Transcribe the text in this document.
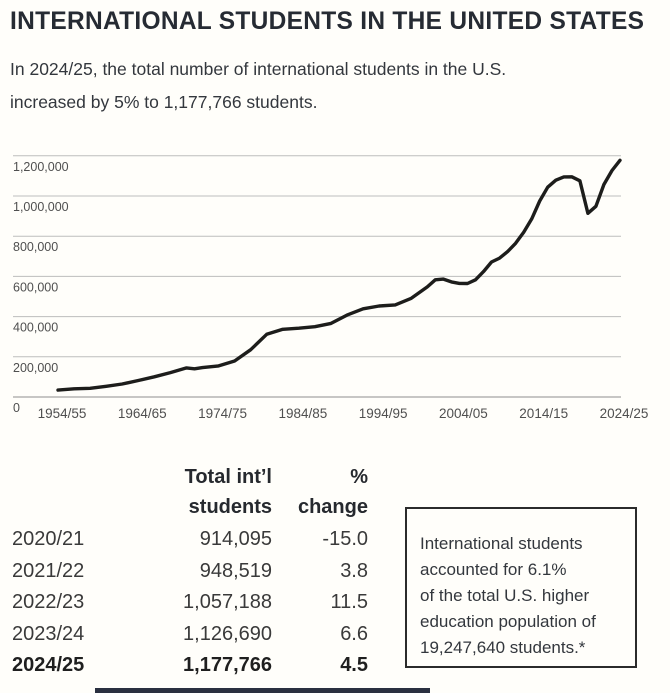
INTERNATIONAL STUDENTS IN THE UNITED STATES
In 2024/25, the total number of international students in the U.S.
increased by 5% to 1,177,766 students.
0
200,000
400,000
600,000
800,000
1,000,000
1,200,000
1954/55 1964/65 1974/75 1984/85 1994/95 2004/05 2014/15 2024/25
Total int’l
students
%
change
2020/21	914,095	-15.0
2021/22	948,519	3.8
2022/23	1,057,188	11.5
2023/24	1,126,690	6.6
2024/25	1,177,766	4.5
International students
accounted for 6.1%
of the total U.S. higher
education population of
19,247,640 students.*
